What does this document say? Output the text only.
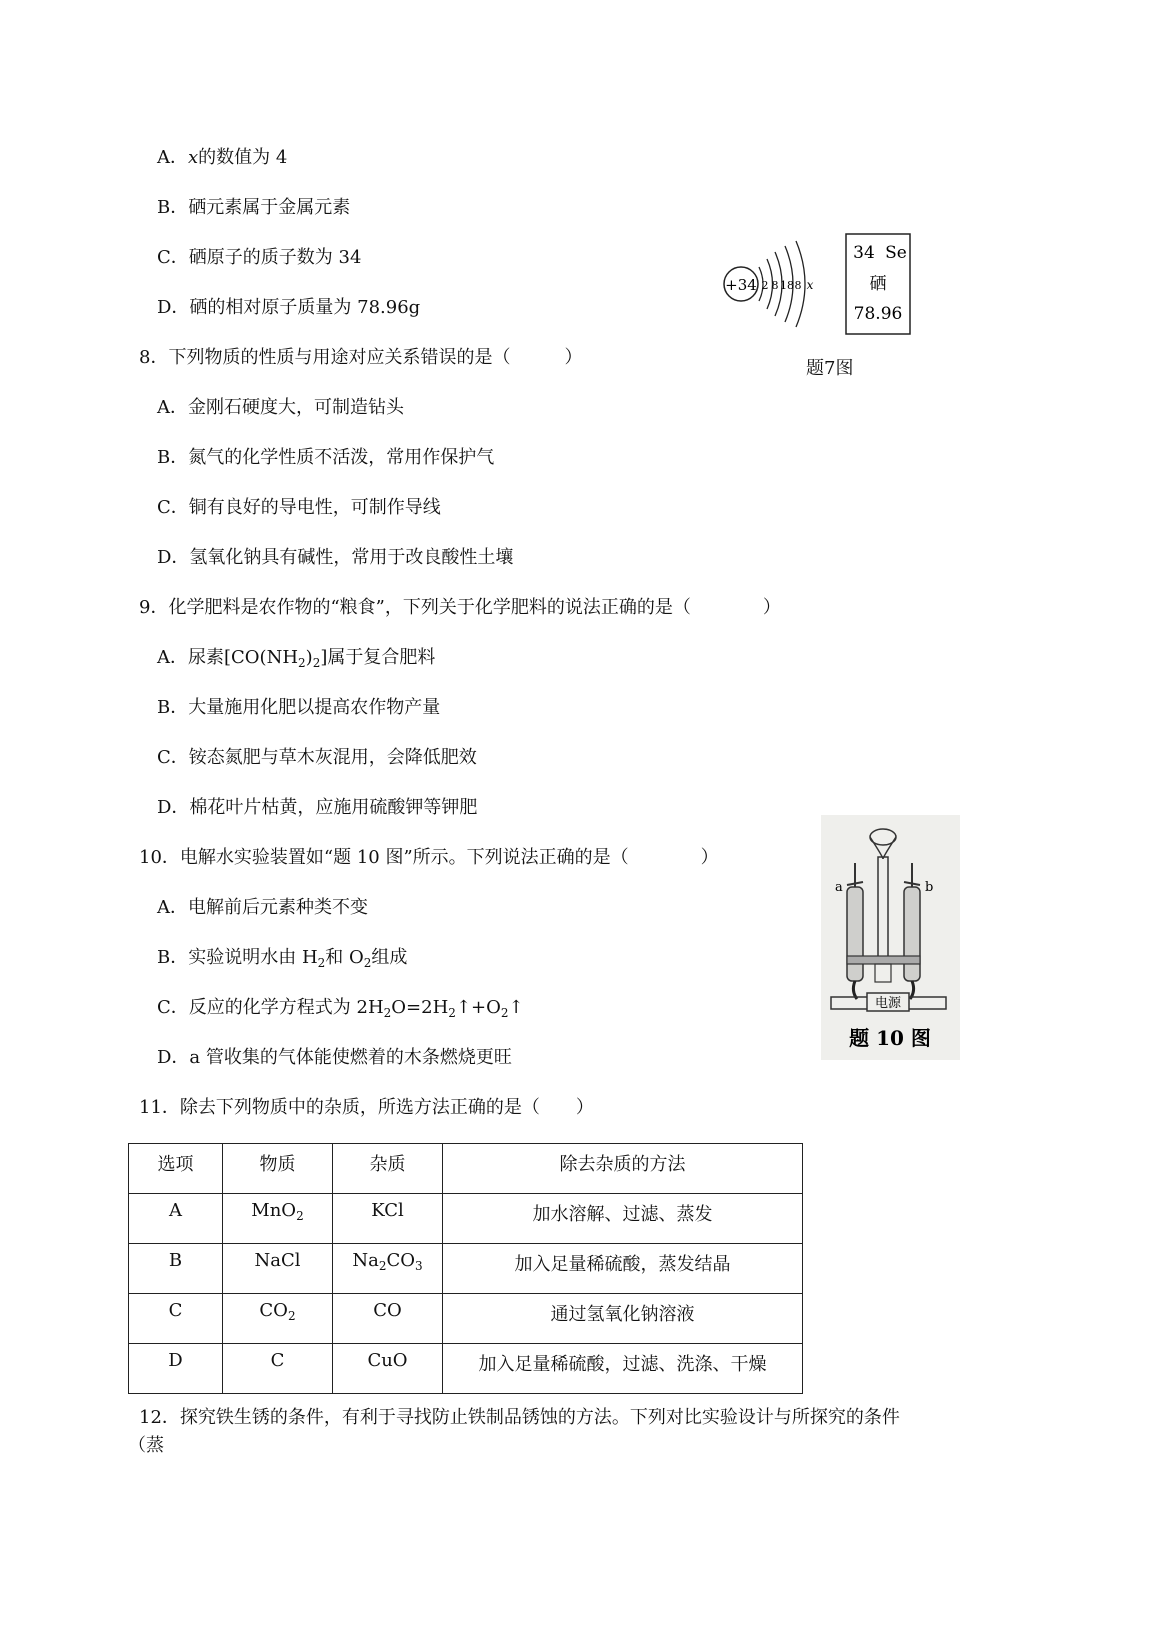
A．x的数值为 4
B．硒元素属于金属元素
C．硒原子的质子数为 34
D．硒的相对原子质量为 78.96g
+34 2 8 18 8 x
34 Se
硒
78.96
题7图
8．下列物质的性质与用途对应关系错误的是（　　　）
A．金刚石硬度大，可制造钻头
B．氮气的化学性质不活泼，常用作保护气
C．铜有良好的导电性，可制作导线
D．氢氧化钠具有碱性，常用于改良酸性土壤
9．化学肥料是农作物的“粮食”，下列关于化学肥料的说法正确的是（　　　　）
A．尿素$[CO(NH_2)_2]$属于复合肥料
B．大量施用化肥以提高农作物产量
C．铵态氮肥与草木灰混用，会降低肥效
D．棉花叶片枯黄，应施用硫酸钾等钾肥
10．电解水实验装置如“题 10 图”所示。下列说法正确的是（　　　　）
A．电解前后元素种类不变
B．实验说明水由 $H_2$和 $O_2$组成
C．反应的化学方程式为 $2H_2O=2H_2↑+O_2↑$
D．a 管收集的气体能使燃着的木条燃烧更旺
a	b
电源
题 10 图
11．除去下列物质中的杂质，所选方法正确的是（　　）
选项	物质	杂质	除去杂质的方法
A	MnO$_2$	KCl	加水溶解、过滤、蒸发
B	NaCl	$Na_2CO_3$	加入足量稀硫酸，蒸发结晶
C	$CO_2$	CO	通过氢氧化钠溶液
D	C	CuO	加入足量稀硫酸，过滤、洗涤、干燥
12．探究铁生锈的条件，有利于寻找防止铁制品锈蚀的方法。下列对比实验设计与所探究的条件
（蒸
